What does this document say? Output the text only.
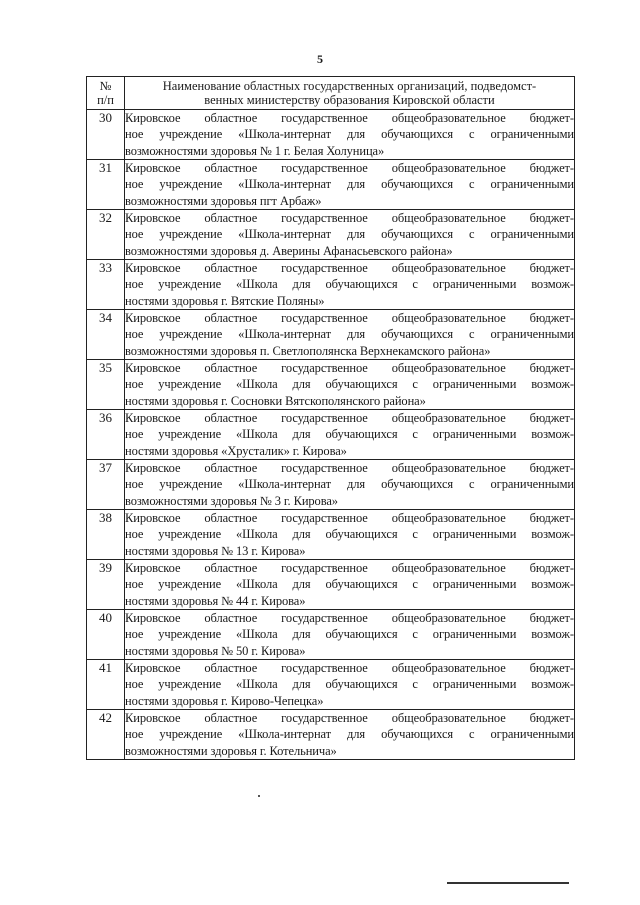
5
№
п/п	Наименование областных государственных организаций, подведомст-
венных министерству образования Кировской области

30	Кировское областное государственное общеобразовательное бюджет-
ное учреждение «Школа-интернат для обучающихся с ограниченными
возможностями здоровья № 1 г. Белая Холуница»

31	Кировское областное государственное общеобразовательное бюджет-
ное учреждение «Школа-интернат для обучающихся с ограниченными
возможностями здоровья пгт Арбаж»

32	Кировское областное государственное общеобразовательное бюджет-
ное учреждение «Школа-интернат для обучающихся с ограниченными
возможностями здоровья д. Аверины Афанасьевского района»

33	Кировское областное государственное общеобразовательное бюджет-
ное учреждение «Школа для обучающихся с ограниченными возмож-
ностями здоровья г. Вятские Поляны»

34	Кировское областное государственное общеобразовательное бюджет-
ное учреждение «Школа-интернат для обучающихся с ограниченными
возможностями здоровья п. Светлополянска Верхнекамского района»

35	Кировское областное государственное общеобразовательное бюджет-
ное учреждение «Школа для обучающихся с ограниченными возмож-
ностями здоровья г. Сосновки Вятскополянского района»

36	Кировское областное государственное общеобразовательное бюджет-
ное учреждение «Школа для обучающихся с ограниченными возмож-
ностями здоровья «Хрусталик» г. Кирова»

37	Кировское областное государственное общеобразовательное бюджет-
ное учреждение «Школа-интернат для обучающихся с ограниченными
возможностями здоровья № 3 г. Кирова»

38	Кировское областное государственное общеобразовательное бюджет-
ное учреждение «Школа для обучающихся с ограниченными возмож-
ностями здоровья № 13 г. Кирова»

39	Кировское областное государственное общеобразовательное бюджет-
ное учреждение «Школа для обучающихся с ограниченными возмож-
ностями здоровья № 44 г. Кирова»

40	Кировское областное государственное общеобразовательное бюджет-
ное учреждение «Школа для обучающихся с ограниченными возмож-
ностями здоровья № 50 г. Кирова»

41	Кировское областное государственное общеобразовательное бюджет-
ное учреждение «Школа для обучающихся с ограниченными возмож-
ностями здоровья г. Кирово-Чепецка»

42	Кировское областное государственное общеобразовательное бюджет-
ное учреждение «Школа-интернат для обучающихся с ограниченными
возможностями здоровья г. Котельнича»
